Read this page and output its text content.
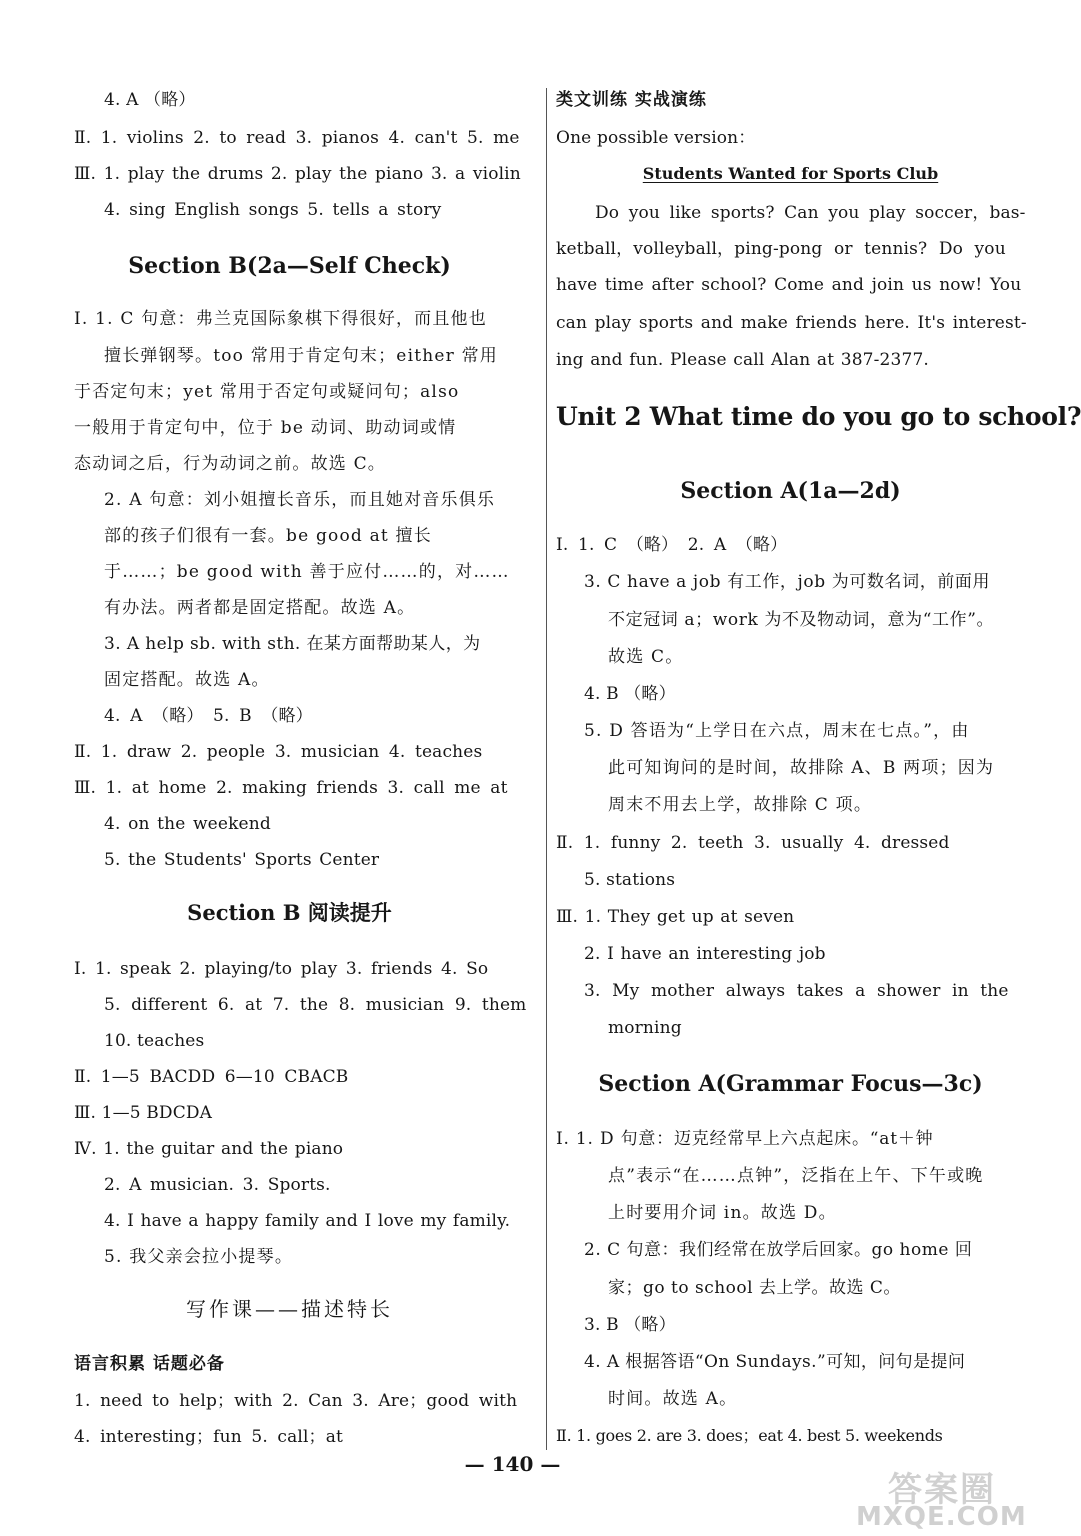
4. A （略）
Ⅱ. 1. violins 2. to read 3. pianos 4. can't 5. me
Ⅲ. 1. play the drums 2. play the piano 3. a violin
4. sing English songs 5. tells a story
Section B(2a—Self Check)
Ⅰ. 1. C 句意：弗兰克国际象棋下得很好，而且他也
擅长弹钢琴。too 常用于肯定句末；either 常用
于否定句末；yet 常用于否定句或疑问句；also
一般用于肯定句中，位于 be 动词、助动词或情
态动词之后，行为动词之前。故选 C。
2. A 句意：刘小姐擅长音乐，而且她对音乐俱乐
部的孩子们很有一套。be good at 擅长
于……；be good with 善于应付……的，对……
有办法。两者都是固定搭配。故选 A。
3. A help sb. with sth. 在某方面帮助某人，为
固定搭配。故选 A。
4. A （略） 5. B （略）
Ⅱ. 1. draw 2. people 3. musician 4. teaches
Ⅲ. 1. at home 2. making friends 3. call me at
4. on the weekend
5. the Students' Sports Center
Section B 阅读提升
Ⅰ. 1. speak 2. playing/to play 3. friends 4. So
5. different 6. at 7. the 8. musician 9. them
10. teaches
Ⅱ. 1—5 BACDD 6—10 CBACB
Ⅲ. 1—5 BDCDA
Ⅳ. 1. the guitar and the piano
2. A musician. 3. Sports.
4. I have a happy family and I love my family.
5. 我父亲会拉小提琴。
写作课——描述特长
语言积累 话题必备
1. need to help；with 2. Can 3. Are；good with
4. interesting；fun 5. call；at
类文训练 实战演练
One possible version：
Students Wanted for Sports Club
Do you like sports? Can you play soccer，bas-
ketball，volleyball，ping-pong or tennis? Do you
have time after school? Come and join us now! You
can play sports and make friends here. It's interest-
ing and fun. Please call Alan at 387-2377.
Unit 2 What time do you go to school?
Section A(1a—2d)
Ⅰ. 1. C （略） 2. A （略）
3. C have a job 有工作，job 为可数名词，前面用
不定冠词 a；work 为不及物动词，意为“工作”。
故选 C。
4. B （略）
5. D 答语为“上学日在六点，周末在七点。”，由
此可知询问的是时间，故排除 A、B 两项；因为
周末不用去上学，故排除 C 项。
Ⅱ. 1. funny 2. teeth 3. usually 4. dressed
5. stations
Ⅲ. 1. They get up at seven
2. I have an interesting job
3. My mother always takes a shower in the
morning
Section A(Grammar Focus—3c)
Ⅰ. 1. D 句意：迈克经常早上六点起床。“at＋钟
点”表示“在……点钟”，泛指在上午、下午或晚
上时要用介词 in。故选 D。
2. C 句意：我们经常在放学后回家。go home 回
家；go to school 去上学。故选 C。
3. B （略）
4. A 根据答语“On Sundays.”可知，问句是提问
时间。故选 A。
Ⅱ. 1. goes 2. are 3. does；eat 4. best 5. weekends
— 140 —
答案圈
MXQE.COM
